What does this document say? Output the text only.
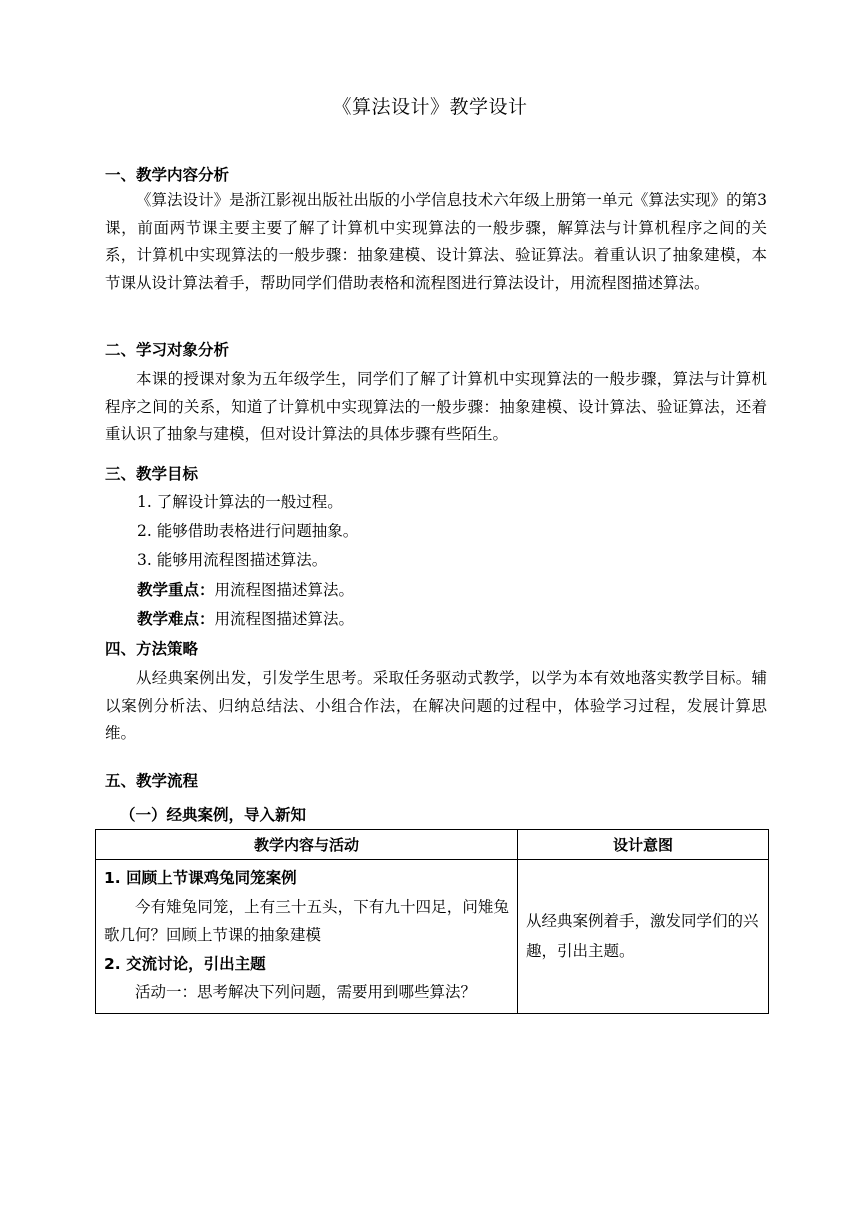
《算法设计》教学设计
一、教学内容分析
《算法设计》是浙江影视出版社出版的小学信息技术六年级上册第一单元《算法实现》的第3课，前面两节课主要主要了解了计算机中实现算法的一般步骤，解算法与计算机程序之间的关系，计算机中实现算法的一般步骤：抽象建模、设计算法、验证算法。着重认识了抽象建模，本节课从设计算法着手，帮助同学们借助表格和流程图进行算法设计，用流程图描述算法。
二、学习对象分析
本课的授课对象为五年级学生，同学们了解了计算机中实现算法的一般步骤，算法与计算机程序之间的关系，知道了计算机中实现算法的一般步骤：抽象建模、设计算法、验证算法，还着重认识了抽象与建模，但对设计算法的具体步骤有些陌生。
三、教学目标
1. 了解设计算法的一般过程。
2. 能够借助表格进行问题抽象。
3. 能够用流程图描述算法。
教学重点：用流程图描述算法。
教学难点：用流程图描述算法。
四、方法策略
从经典案例出发，引发学生思考。采取任务驱动式教学，以学为本有效地落实教学目标。辅以案例分析法、归纳总结法、小组合作法，在解决问题的过程中，体验学习过程，发展计算思维。
五、教学流程
（一）经典案例，导入新知
教学内容与活动	设计意图

1. 回顾上节课鸡兔同笼案例
今有雉兔同笼，上有三十五头，下有九十四足，问雉兔歌几何？回顾上节课的抽象建模
2. 交流讨论，引出主题
活动一：思考解决下列问题，需要用到哪些算法？	从经典案例着手，激发同学们的兴趣，引出主题。
